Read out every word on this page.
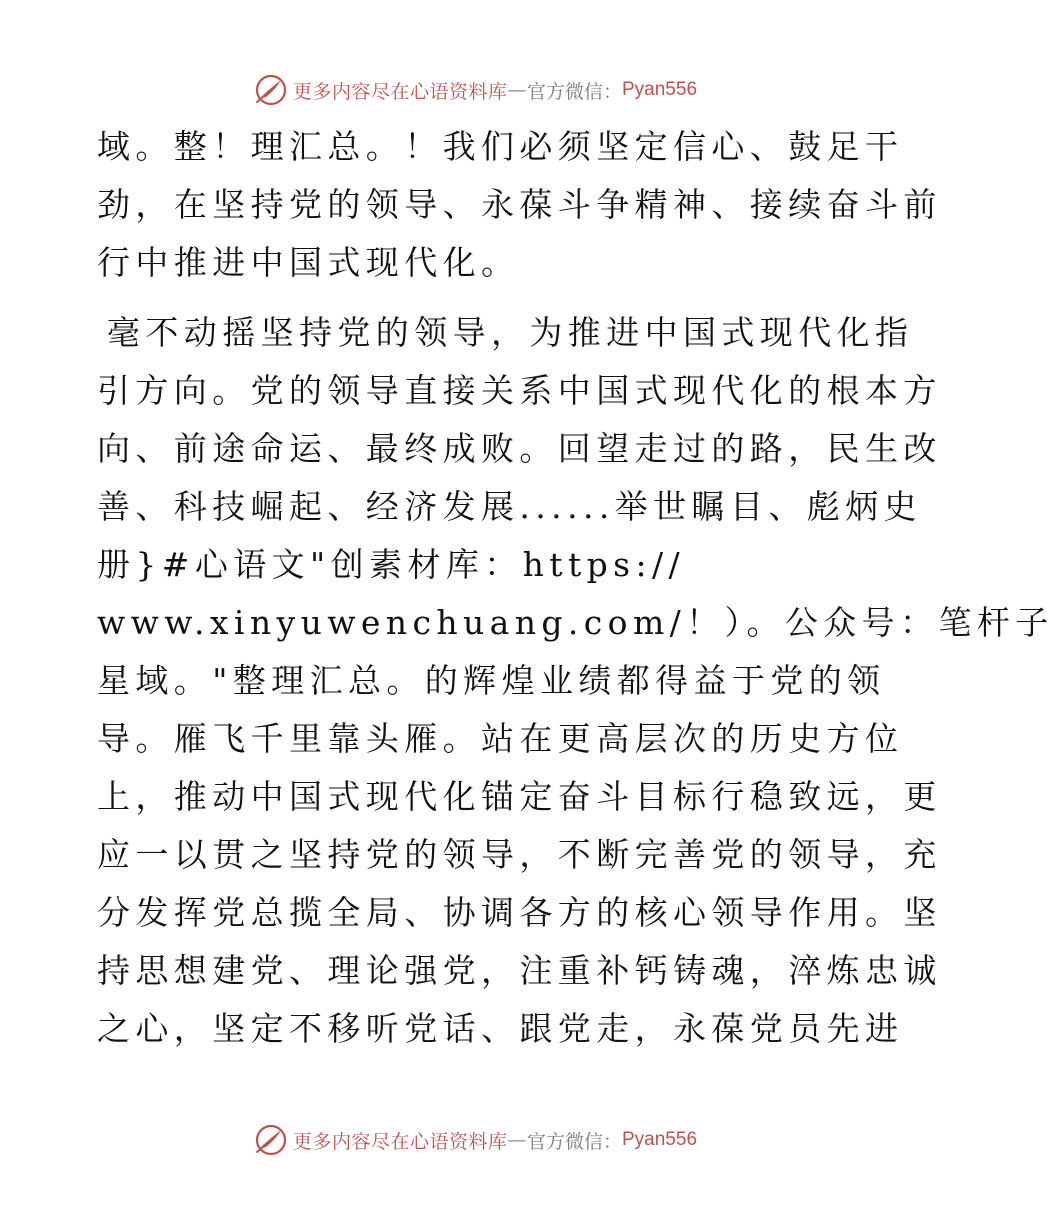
更多内容尽在心语资料库 — 官方微信： Pyan556
域。整！理汇总。！我们必须坚定信心、鼓足干
劲，在坚持党的领导、永葆斗争精神、接续奋斗前
行中推进中国式现代化。
毫不动摇坚持党的领导，为推进中国式现代化指
引方向。党的领导直接关系中国式现代化的根本方
向、前途命运、最终成败。回望走过的路，民生改
善、科技崛起、经济发展......举世瞩目、彪炳史
册}#心语文"创素材库：https://
www.xinyuwenchuang.com/！）。公众号：笔杆子
星域。"整理汇总。的辉煌业绩都得益于党的领
导。雁飞千里靠头雁。站在更高层次的历史方位
上，推动中国式现代化锚定奋斗目标行稳致远，更
应一以贯之坚持党的领导，不断完善党的领导，充
分发挥党总揽全局、协调各方的核心领导作用。坚
持思想建党、理论强党，注重补钙铸魂，淬炼忠诚
之心，坚定不移听党话、跟党走，永葆党员先进
更多内容尽在心语资料库 — 官方微信： Pyan556
